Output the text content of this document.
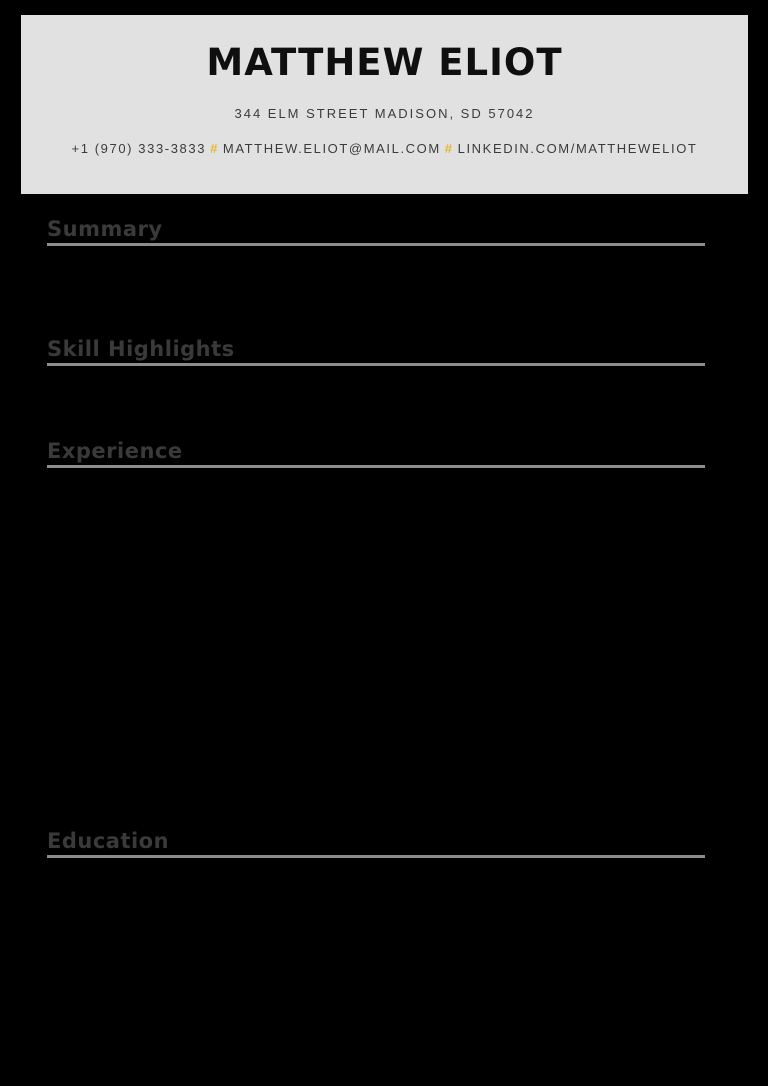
MATTHEW ELIOT
344 ELM STREET MADISON, SD 57042
+1 (970) 333-3833 # MATTHEW.ELIOT@MAIL.COM # LINKEDIN.COM/MATTHEWELIOT
Summary
Skill Highlights
Experience
Education
